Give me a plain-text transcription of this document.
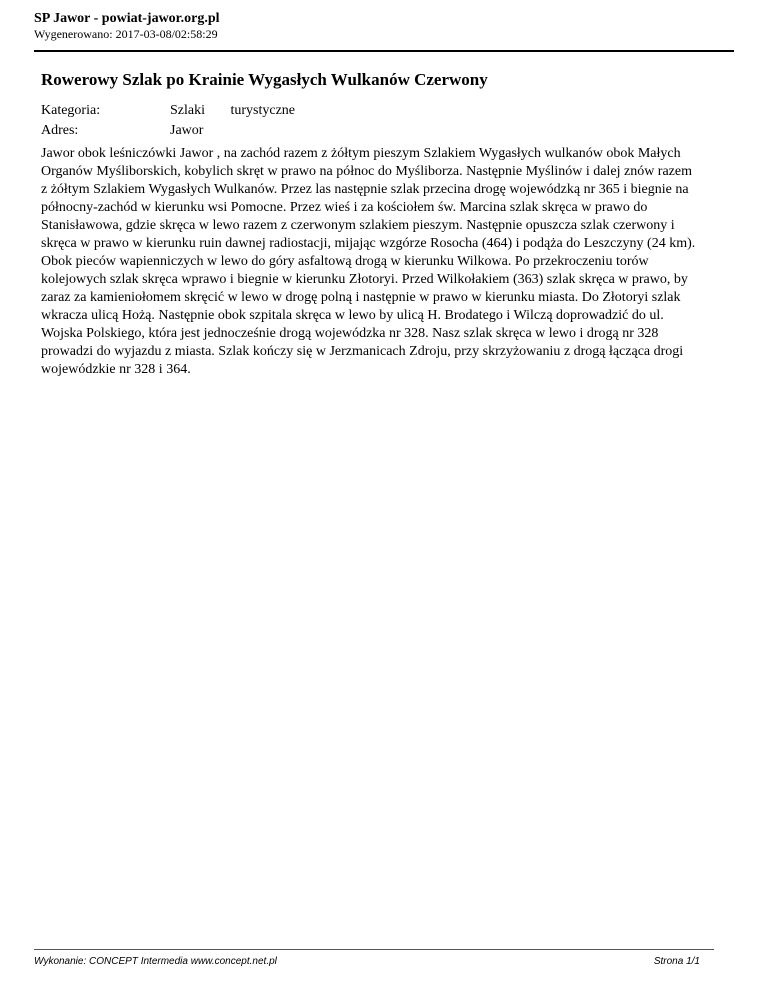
SP Jawor - powiat-jawor.org.pl
Wygenerowano: 2017-03-08/02:58:29
Rowerowy Szlak po Krainie Wygasłych Wulkanów Czerwony
Kategoria:	Szlaki turystyczne
Adres:	Jawor

Jawor obok leśniczówki Jawor , na zachód razem z żółtym pieszym Szlakiem Wygasłych wulkanów obok Małych Organów Myśliborskich, kobylich skręt w prawo na północ do Myśliborza. Następnie Myślinów i dalej znów razem z żółtym Szlakiem Wygasłych Wulkanów. Przez las następnie szlak przecina drogę wojewódzką nr 365 i biegnie na północny-zachód w kierunku wsi Pomocne. Przez wieś i za kościołem św. Marcina szlak skręca w prawo do Stanisławowa, gdzie skręca w lewo razem z czerwonym szlakiem pieszym. Następnie opuszcza szlak czerwony i skręca w prawo w kierunku ruin dawnej radiostacji, mijając wzgórze Rosocha (464) i podąża do Leszczyny (24 km). Obok pieców wapienniczych w lewo do góry asfaltową drogą w kierunku Wilkowa. Po przekroczeniu torów kolejowych szlak skręca wprawo i biegnie w kierunku Złotoryi. Przed Wilkołakiem (363) szlak skręca w prawo, by zaraz za kamieniołomem skręcić w lewo w drogę polną i następnie w prawo w kierunku miasta. Do Złotoryi szlak wkracza ulicą Hożą. Następnie obok szpitala skręca w lewo by ulicą H. Brodatego i Wilczą doprowadzić do ul. Wojska Polskiego, która jest jednocześnie drogą wojewódzka nr 328. Nasz szlak skręca w lewo i drogą nr 328 prowadzi do wyjazdu z miasta. Szlak kończy się w Jerzmanicach Zdroju, przy skrzyżowaniu z drogą łącząca drogi wojewódzkie nr 328 i 364.

Wykonanie: CONCEPT Intermedia www.concept.net.pl	Strona 1/1
